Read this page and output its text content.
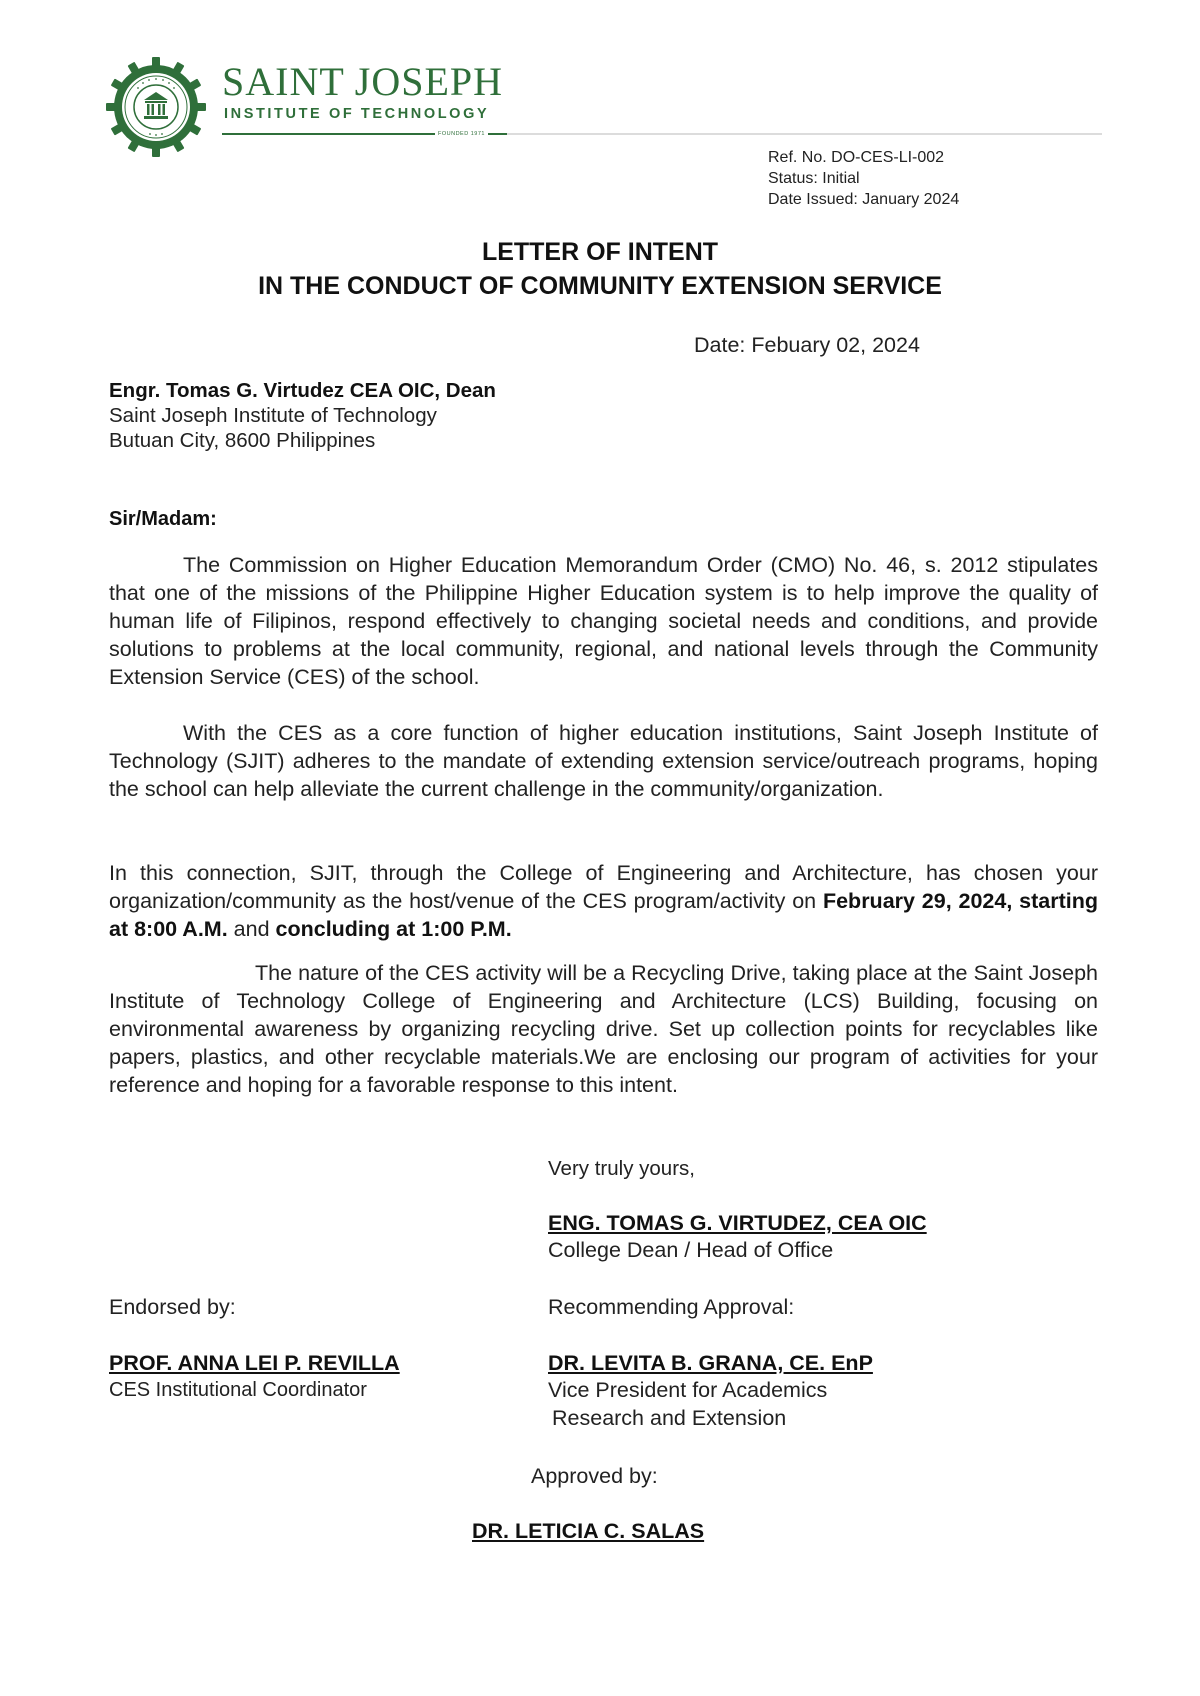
SAINT JOSEPH
INSTITUTE OF TECHNOLOGY
FOUNDED 1971
Ref. No. DO-CES-LI-002
Status: Initial
Date Issued: January 2024
LETTER OF INTENT
IN THE CONDUCT OF COMMUNITY EXTENSION SERVICE
Date: Febuary 02, 2024
Engr. Tomas G. Virtudez CEA OIC, Dean
Saint Joseph Institute of Technology
Butuan City, 8600 Philippines
Sir/Madam:
The Commission on Higher Education Memorandum Order (CMO) No. 46, s. 2012 stipulates that one of the missions of the Philippine Higher Education system is to help improve the quality of human life of Filipinos, respond effectively to changing societal needs and conditions, and provide solutions to problems at the local community, regional, and national levels through the Community Extension Service (CES) of the school.
With the CES as a core function of higher education institutions, Saint Joseph Institute of Technology (SJIT) adheres to the mandate of extending extension service/outreach programs, hoping the school can help alleviate the current challenge in the community/organization.
In this connection, SJIT, through the College of Engineering and Architecture, has chosen your organization/community as the host/venue of the CES program/activity on February 29, 2024, starting at 8:00 A.M. and concluding at 1:00 P.M.
The nature of the CES activity will be a Recycling Drive, taking place at the Saint Joseph Institute of Technology College of Engineering and Architecture (LCS) Building, focusing on environmental awareness by organizing recycling drive. Set up collection points for recyclables like papers, plastics, and other recyclable materials.We are enclosing our program of activities for your reference and hoping for a favorable response to this intent.
Very truly yours,
ENG. TOMAS G. VIRTUDEZ, CEA OIC
College Dean / Head of Office
Endorsed by:
PROF. ANNA LEI P. REVILLA
CES Institutional Coordinator
Recommending Approval:
DR. LEVITA B. GRANA, CE. EnP
Vice President for Academics
Research and Extension
Approved by:
DR. LETICIA C. SALAS
